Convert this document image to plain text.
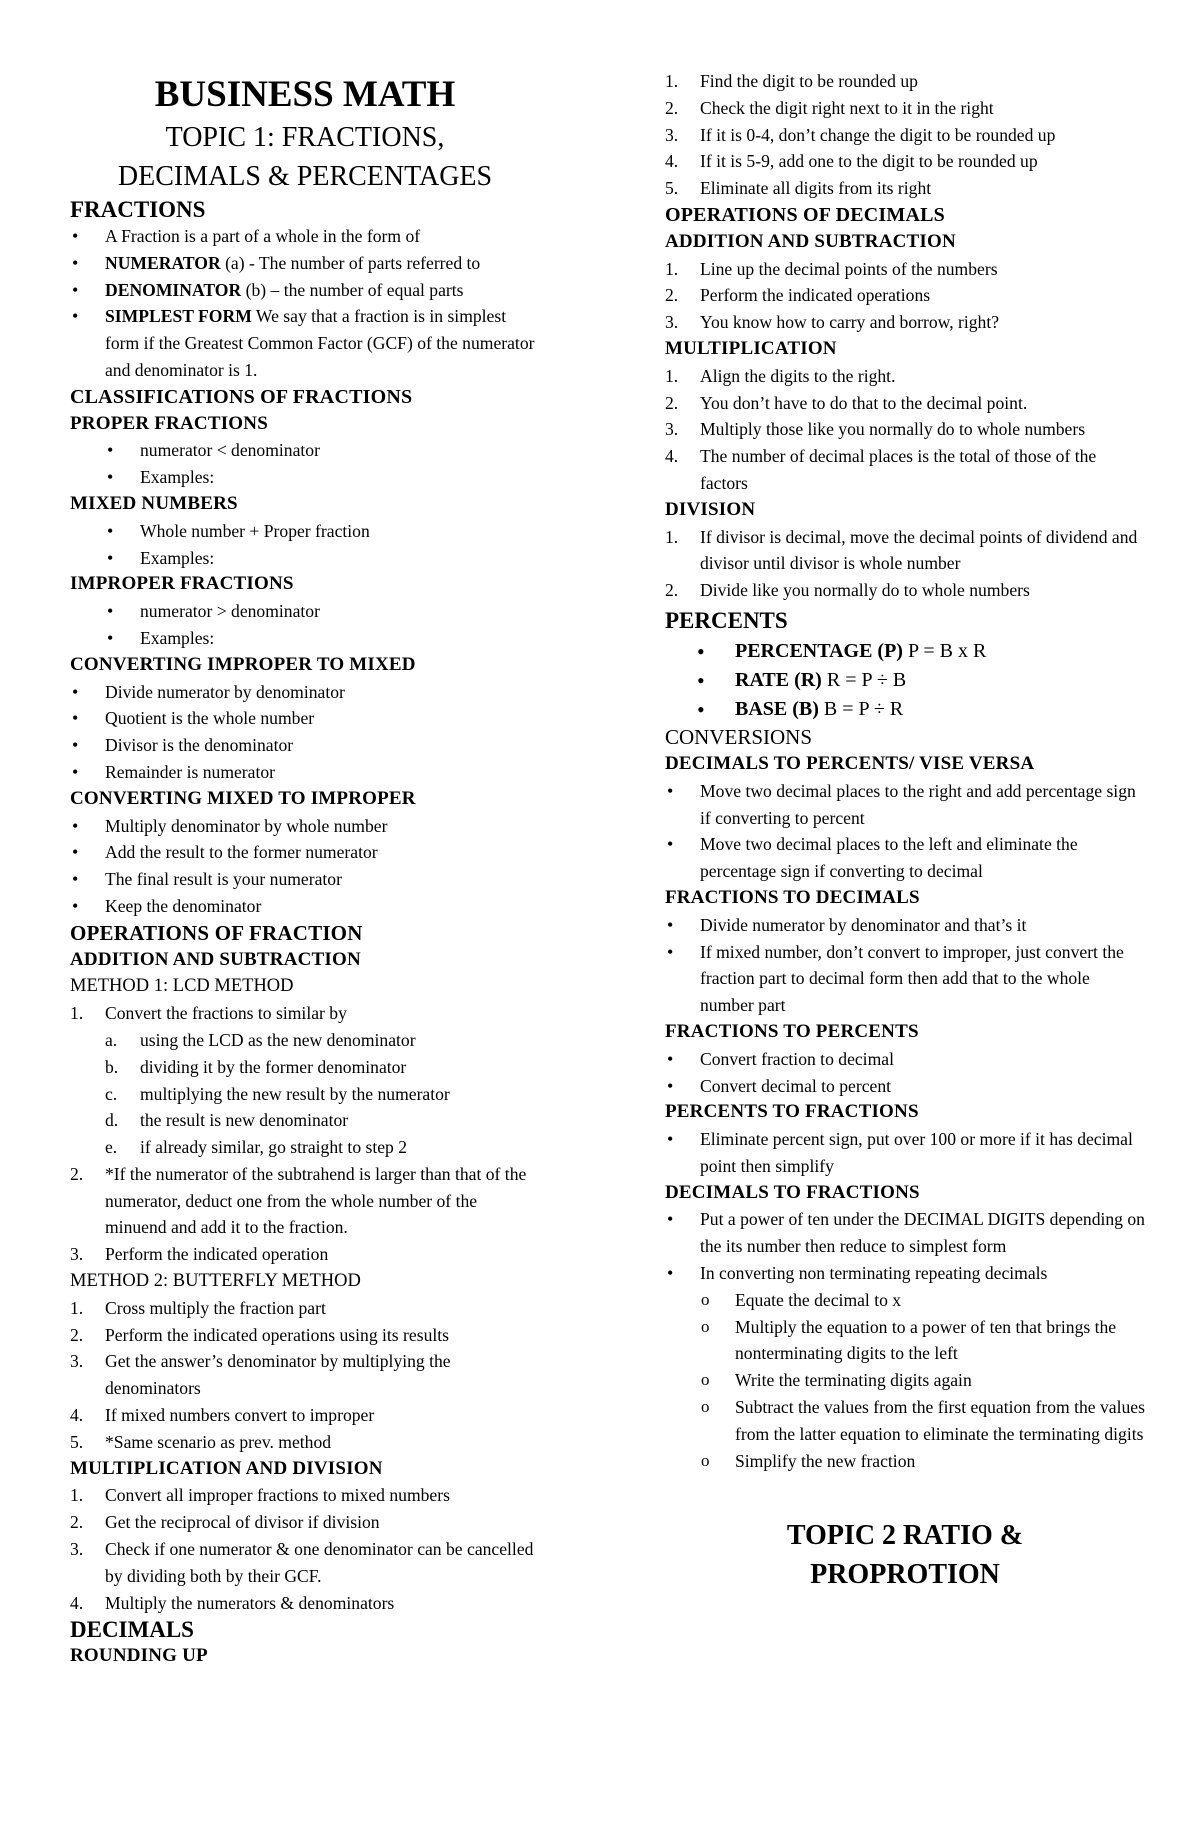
BUSINESS MATH
TOPIC 1: FRACTIONS,
DECIMALS & PERCENTAGES
FRACTIONS
• A Fraction is a part of a whole in the form of
• NUMERATOR (a) - The number of parts referred to
• DENOMINATOR (b) – the number of equal parts
• SIMPLEST FORM We say that a fraction is in simplest form if the Greatest Common Factor (GCF) of the numerator and denominator is 1.
CLASSIFICATIONS OF FRACTIONS
PROPER FRACTIONS
• numerator < denominator
• Examples:
MIXED NUMBERS
• Whole number + Proper fraction
• Examples:
IMPROPER FRACTIONS
• numerator > denominator
• Examples:
CONVERTING IMPROPER TO MIXED
• Divide numerator by denominator
• Quotient is the whole number
• Divisor is the denominator
• Remainder is numerator
CONVERTING MIXED TO IMPROPER
• Multiply denominator by whole number
• Add the result to the former numerator
• The final result is your numerator
• Keep the denominator
OPERATIONS OF FRACTION
ADDITION AND SUBTRACTION
METHOD 1: LCD METHOD
1. Convert the fractions to similar by
a. using the LCD as the new denominator
b. dividing it by the former denominator
c. multiplying the new result by the numerator
d. the result is new denominator
e. if already similar, go straight to step 2
2. *If the numerator of the subtrahend is larger than that of the numerator, deduct one from the whole number of the minuend and add it to the fraction.
3. Perform the indicated operation
METHOD 2: BUTTERFLY METHOD
1. Cross multiply the fraction part
2. Perform the indicated operations using its results
3. Get the answer’s denominator by multiplying the denominators
4. If mixed numbers convert to improper
5. *Same scenario as prev. method
MULTIPLICATION AND DIVISION
1. Convert all improper fractions to mixed numbers
2. Get the reciprocal of divisor if division
3. Check if one numerator & one denominator can be cancelled by dividing both by their GCF.
4. Multiply the numerators & denominators
DECIMALS
ROUNDING UP
1. Find the digit to be rounded up
2. Check the digit right next to it in the right
3. If it is 0-4, don’t change the digit to be rounded up
4. If it is 5-9, add one to the digit to be rounded up
5. Eliminate all digits from its right
OPERATIONS OF DECIMALS
ADDITION AND SUBTRACTION
1. Line up the decimal points of the numbers
2. Perform the indicated operations
3. You know how to carry and borrow, right?
MULTIPLICATION
1. Align the digits to the right.
2. You don’t have to do that to the decimal point.
3. Multiply those like you normally do to whole numbers
4. The number of decimal places is the total of those of the factors
DIVISION
1. If divisor is decimal, move the decimal points of dividend and divisor until divisor is whole number
2. Divide like you normally do to whole numbers
PERCENTS
• PERCENTAGE (P) P = B x R
• RATE (R) R = P ÷ B
• BASE (B) B = P ÷ R
CONVERSIONS
DECIMALS TO PERCENTS/ VISE VERSA
• Move two decimal places to the right and add percentage sign if converting to percent
• Move two decimal places to the left and eliminate the percentage sign if converting to decimal
FRACTIONS TO DECIMALS
• Divide numerator by denominator and that’s it
• If mixed number, don’t convert to improper, just convert the fraction part to decimal form then add that to the whole number part
FRACTIONS TO PERCENTS
• Convert fraction to decimal
• Convert decimal to percent
PERCENTS TO FRACTIONS
• Eliminate percent sign, put over 100 or more if it has decimal point then simplify
DECIMALS TO FRACTIONS
• Put a power of ten under the DECIMAL DIGITS depending on the its number then reduce to simplest form
• In converting non terminating repeating decimals
o Equate the decimal to x
o Multiply the equation to a power of ten that brings the nonterminating digits to the left
o Write the terminating digits again
o Subtract the values from the first equation from the values from the latter equation to eliminate the terminating digits
o Simplify the new fraction
TOPIC 2 RATIO &
PROPROTION
